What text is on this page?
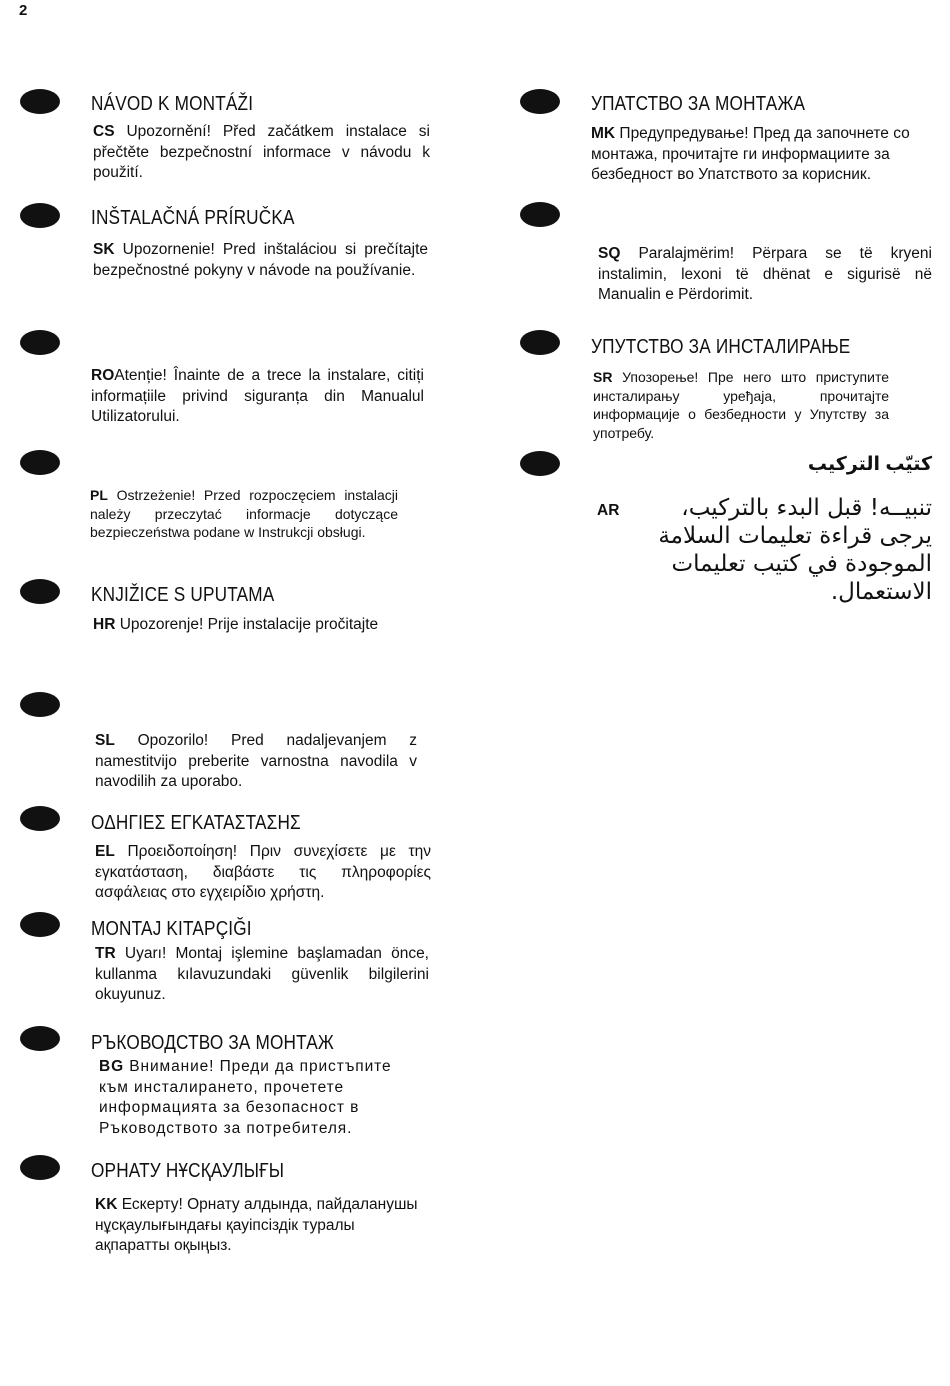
2
NÁVOD K MONTÁŽI
CS Upozornění! Před začátkem instalace si přečtěte bezpečnostní informace v návodu k použití.
INŠTALAČNÁ PRÍRUČKA
SK Upozornenie! Pred inštaláciou si prečítajte bezpečnostné pokyny v návode na používanie.
ROAtenție! Înainte de a trece la instalare, citiți informațiile privind siguranța din Manualul Utilizatorului.
PL Ostrzeżenie! Przed rozpoczęciem instalacji należy przeczytać informacje dotyczące bezpieczeństwa podane w Instrukcji obsługi.
KNJIŽICE S UPUTAMA
HR Upozorenje! Prije instalacije pročitajte
SL Opozorilo! Pred nadaljevanjem z namestitvijo preberite varnostna navodila v navodilih za uporabo.
ΟΔΗΓΙΕΣ ΕΓΚΑΤΑΣΤΑΣΗΣ
EL Προειδοποίηση! Πριν συνεχίσετε με την εγκατάσταση, διαβάστε τις πληροφορίες ασφάλειας στο εγχειρίδιο χρήστη.
MONTAJ KITAPÇIĞI
TR Uyarı! Montaj işlemine başlamadan önce, kullanma kılavuzundaki güvenlik bilgilerini okuyunuz.
РЪКОВОДСТВО ЗА МОНТАЖ
BG Внимание! Преди да пристъпите към инсталирането, прочетете информацията за безопасност в Ръководството за потребителя.
ОРНАТУ НҰСҚАУЛЫҒЫ
KK Ескерту! Орнату алдында, пайдаланушы нұсқаулығындағы қауіпсіздік туралы ақпаратты оқыңыз.
УПАТСТВО ЗА МОНТАЖА
MK Предупредување! Пред да започнете со монтажа, прочитајте ги информациите за безбедност во Упатството за корисник.
SQ Paralajmërim! Përpara se të kryeni instalimin, lexoni të dhënat e sigurisë në Manualin e Përdorimit.
УПУТСТВО ЗА ИНСТАЛИРАЊЕ
SR Упозорење! Пре него што приступите инсталирању уређаја, прочитајте информације о безбедности у Упутству за употребу.
كتيّب التركيب
AR	تنبيــه! قبل البدء بالتركيب، يرجى قراءة تعليمات السلامة الموجودة في كتيب تعليمات الاستعمال.
